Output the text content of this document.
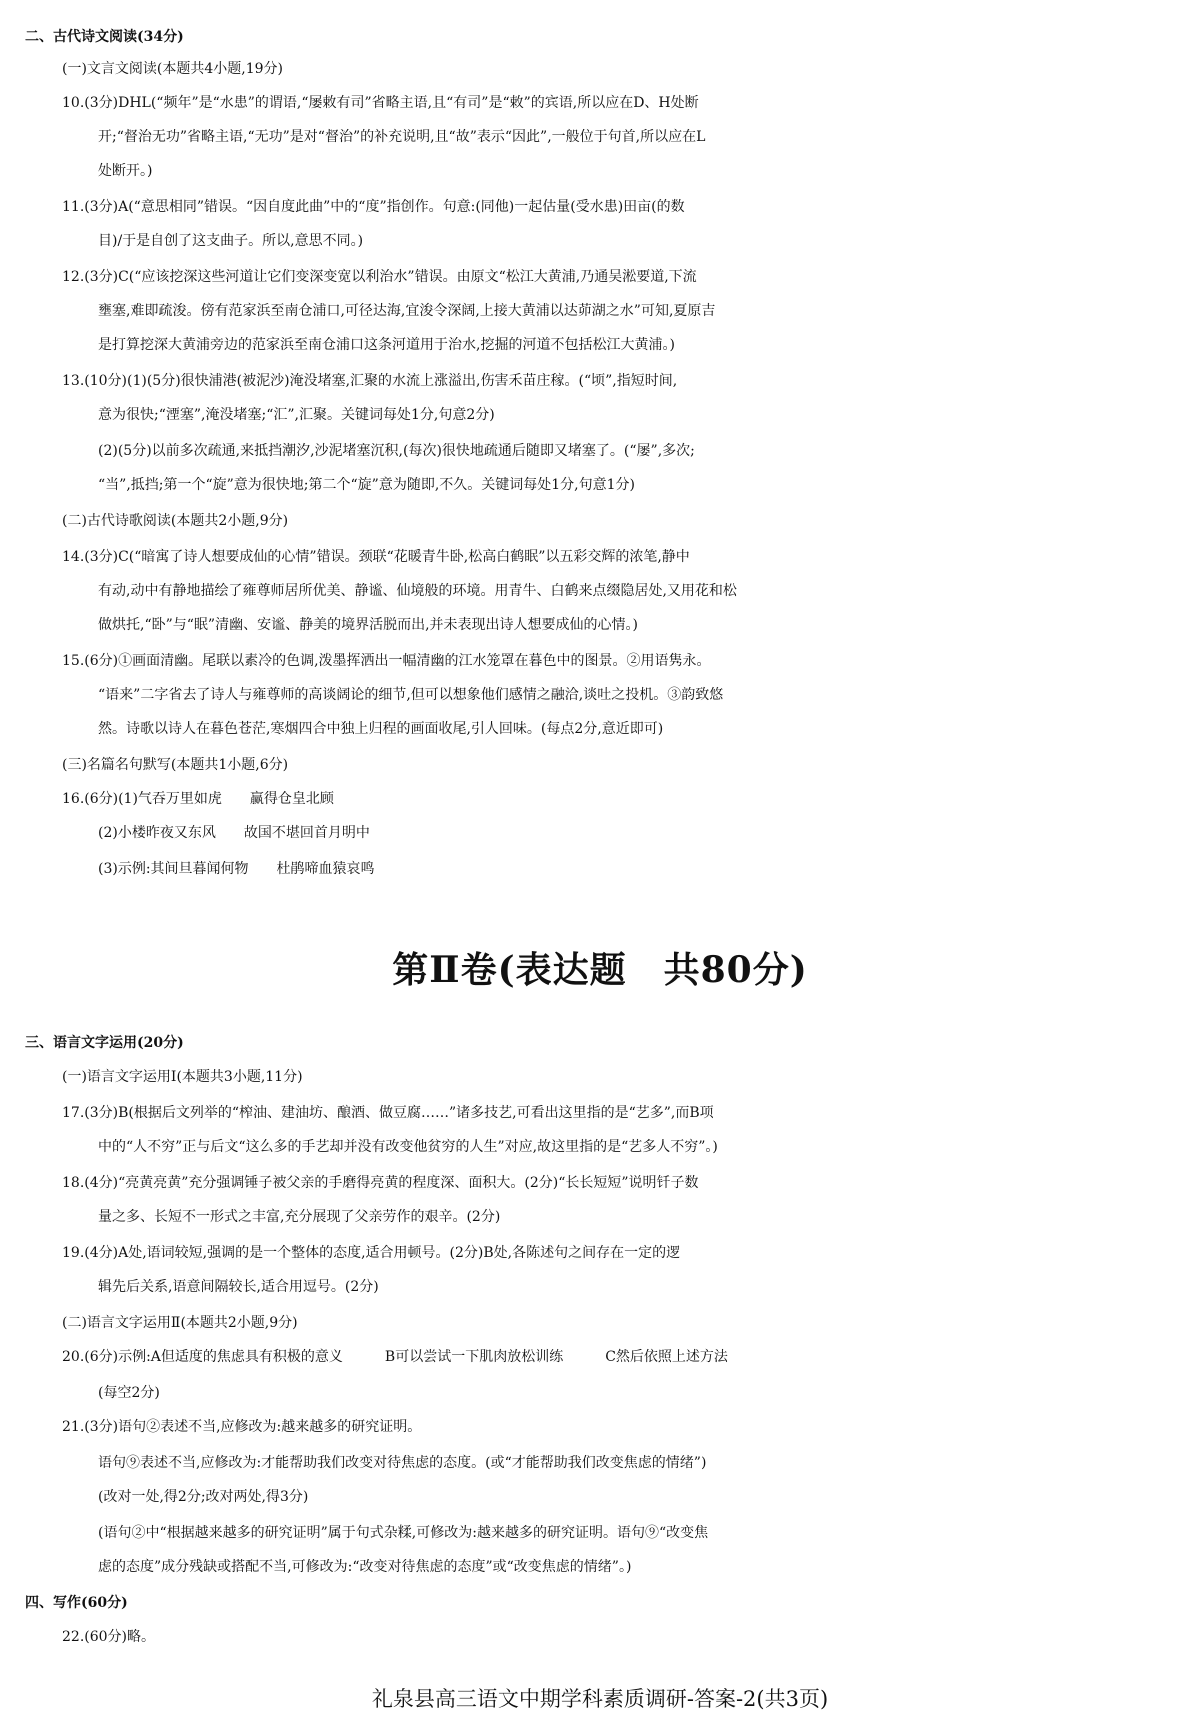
二、古代诗文阅读(34分)
(一)文言文阅读(本题共4小题,19分)
10.(3分)DHL(“频年”是“水患”的谓语,“屡敕有司”省略主语,且“有司”是“敕”的宾语,所以应在D、H处断
开;“督治无功”省略主语,“无功”是对“督治”的补充说明,且“故”表示“因此”,一般位于句首,所以应在L
处断开。)
11.(3分)A(“意思相同”错误。“因自度此曲”中的“度”指创作。句意:(同他)一起估量(受水患)田亩(的数
目)/于是自创了这支曲子。所以,意思不同。)
12.(3分)C(“应该挖深这些河道让它们变深变宽以利治水”错误。由原文“松江大黄浦,乃通吴淞要道,下流
壅塞,难即疏浚。傍有范家浜至南仓浦口,可径达海,宜浚令深阔,上接大黄浦以达茆湖之水”可知,夏原吉
是打算挖深大黄浦旁边的范家浜至南仓浦口这条河道用于治水,挖掘的河道不包括松江大黄浦。)
13.(10分)(1)(5分)很快浦港(被泥沙)淹没堵塞,汇聚的水流上涨溢出,伤害禾苗庄稼。(“顷”,指短时间,
意为很快;“湮塞”,淹没堵塞;“汇”,汇聚。关键词每处1分,句意2分)
(2)(5分)以前多次疏通,来抵挡潮汐,沙泥堵塞沉积,(每次)很快地疏通后随即又堵塞了。(“屡”,多次;
“当”,抵挡;第一个“旋”意为很快地;第二个“旋”意为随即,不久。关键词每处1分,句意1分)
(二)古代诗歌阅读(本题共2小题,9分)
14.(3分)C(“暗寓了诗人想要成仙的心情”错误。颈联“花暖青牛卧,松高白鹤眠”以五彩交辉的浓笔,静中
有动,动中有静地描绘了雍尊师居所优美、静谧、仙境般的环境。用青牛、白鹤来点缀隐居处,又用花和松
做烘托,“卧”与“眠”清幽、安谧、静美的境界活脱而出,并未表现出诗人想要成仙的心情。)
15.(6分)①画面清幽。尾联以素冷的色调,泼墨挥洒出一幅清幽的江水笼罩在暮色中的图景。②用语隽永。
“语来”二字省去了诗人与雍尊师的高谈阔论的细节,但可以想象他们感情之融洽,谈吐之投机。③韵致悠
然。诗歌以诗人在暮色苍茫,寒烟四合中独上归程的画面收尾,引人回味。(每点2分,意近即可)
(三)名篇名句默写(本题共1小题,6分)
16.(6分)(1)气吞万里如虎　　赢得仓皇北顾
(2)小楼昨夜又东风　　故国不堪回首月明中
(3)示例:其间旦暮闻何物　　杜鹃啼血猿哀鸣
第Ⅱ卷(表达题　共80分)
三、语言文字运用(20分)
(一)语言文字运用Ⅰ(本题共3小题,11分)
17.(3分)B(根据后文列举的“榨油、建油坊、酿酒、做豆腐……”诸多技艺,可看出这里指的是“艺多”,而B项
中的“人不穷”正与后文“这么多的手艺却并没有改变他贫穷的人生”对应,故这里指的是“艺多人不穷”。)
18.(4分)“亮黄亮黄”充分强调锤子被父亲的手磨得亮黄的程度深、面积大。(2分)“长长短短”说明钎子数
量之多、长短不一形式之丰富,充分展现了父亲劳作的艰辛。(2分)
19.(4分)A处,语词较短,强调的是一个整体的态度,适合用顿号。(2分)B处,各陈述句之间存在一定的逻
辑先后关系,语意间隔较长,适合用逗号。(2分)
(二)语言文字运用Ⅱ(本题共2小题,9分)
20.(6分)示例:A但适度的焦虑具有积极的意义　　　B可以尝试一下肌肉放松训练　　　C然后依照上述方法
(每空2分)
21.(3分)语句②表述不当,应修改为:越来越多的研究证明。
语句⑨表述不当,应修改为:才能帮助我们改变对待焦虑的态度。(或“才能帮助我们改变焦虑的情绪”)
(改对一处,得2分;改对两处,得3分)
(语句②中“根据越来越多的研究证明”属于句式杂糅,可修改为:越来越多的研究证明。语句⑨“改变焦
虑的态度”成分残缺或搭配不当,可修改为:“改变对待焦虑的态度”或“改变焦虑的情绪”。)
四、写作(60分)
22.(60分)略。
礼泉县高三语文中期学科素质调研-答案-2(共3页)
